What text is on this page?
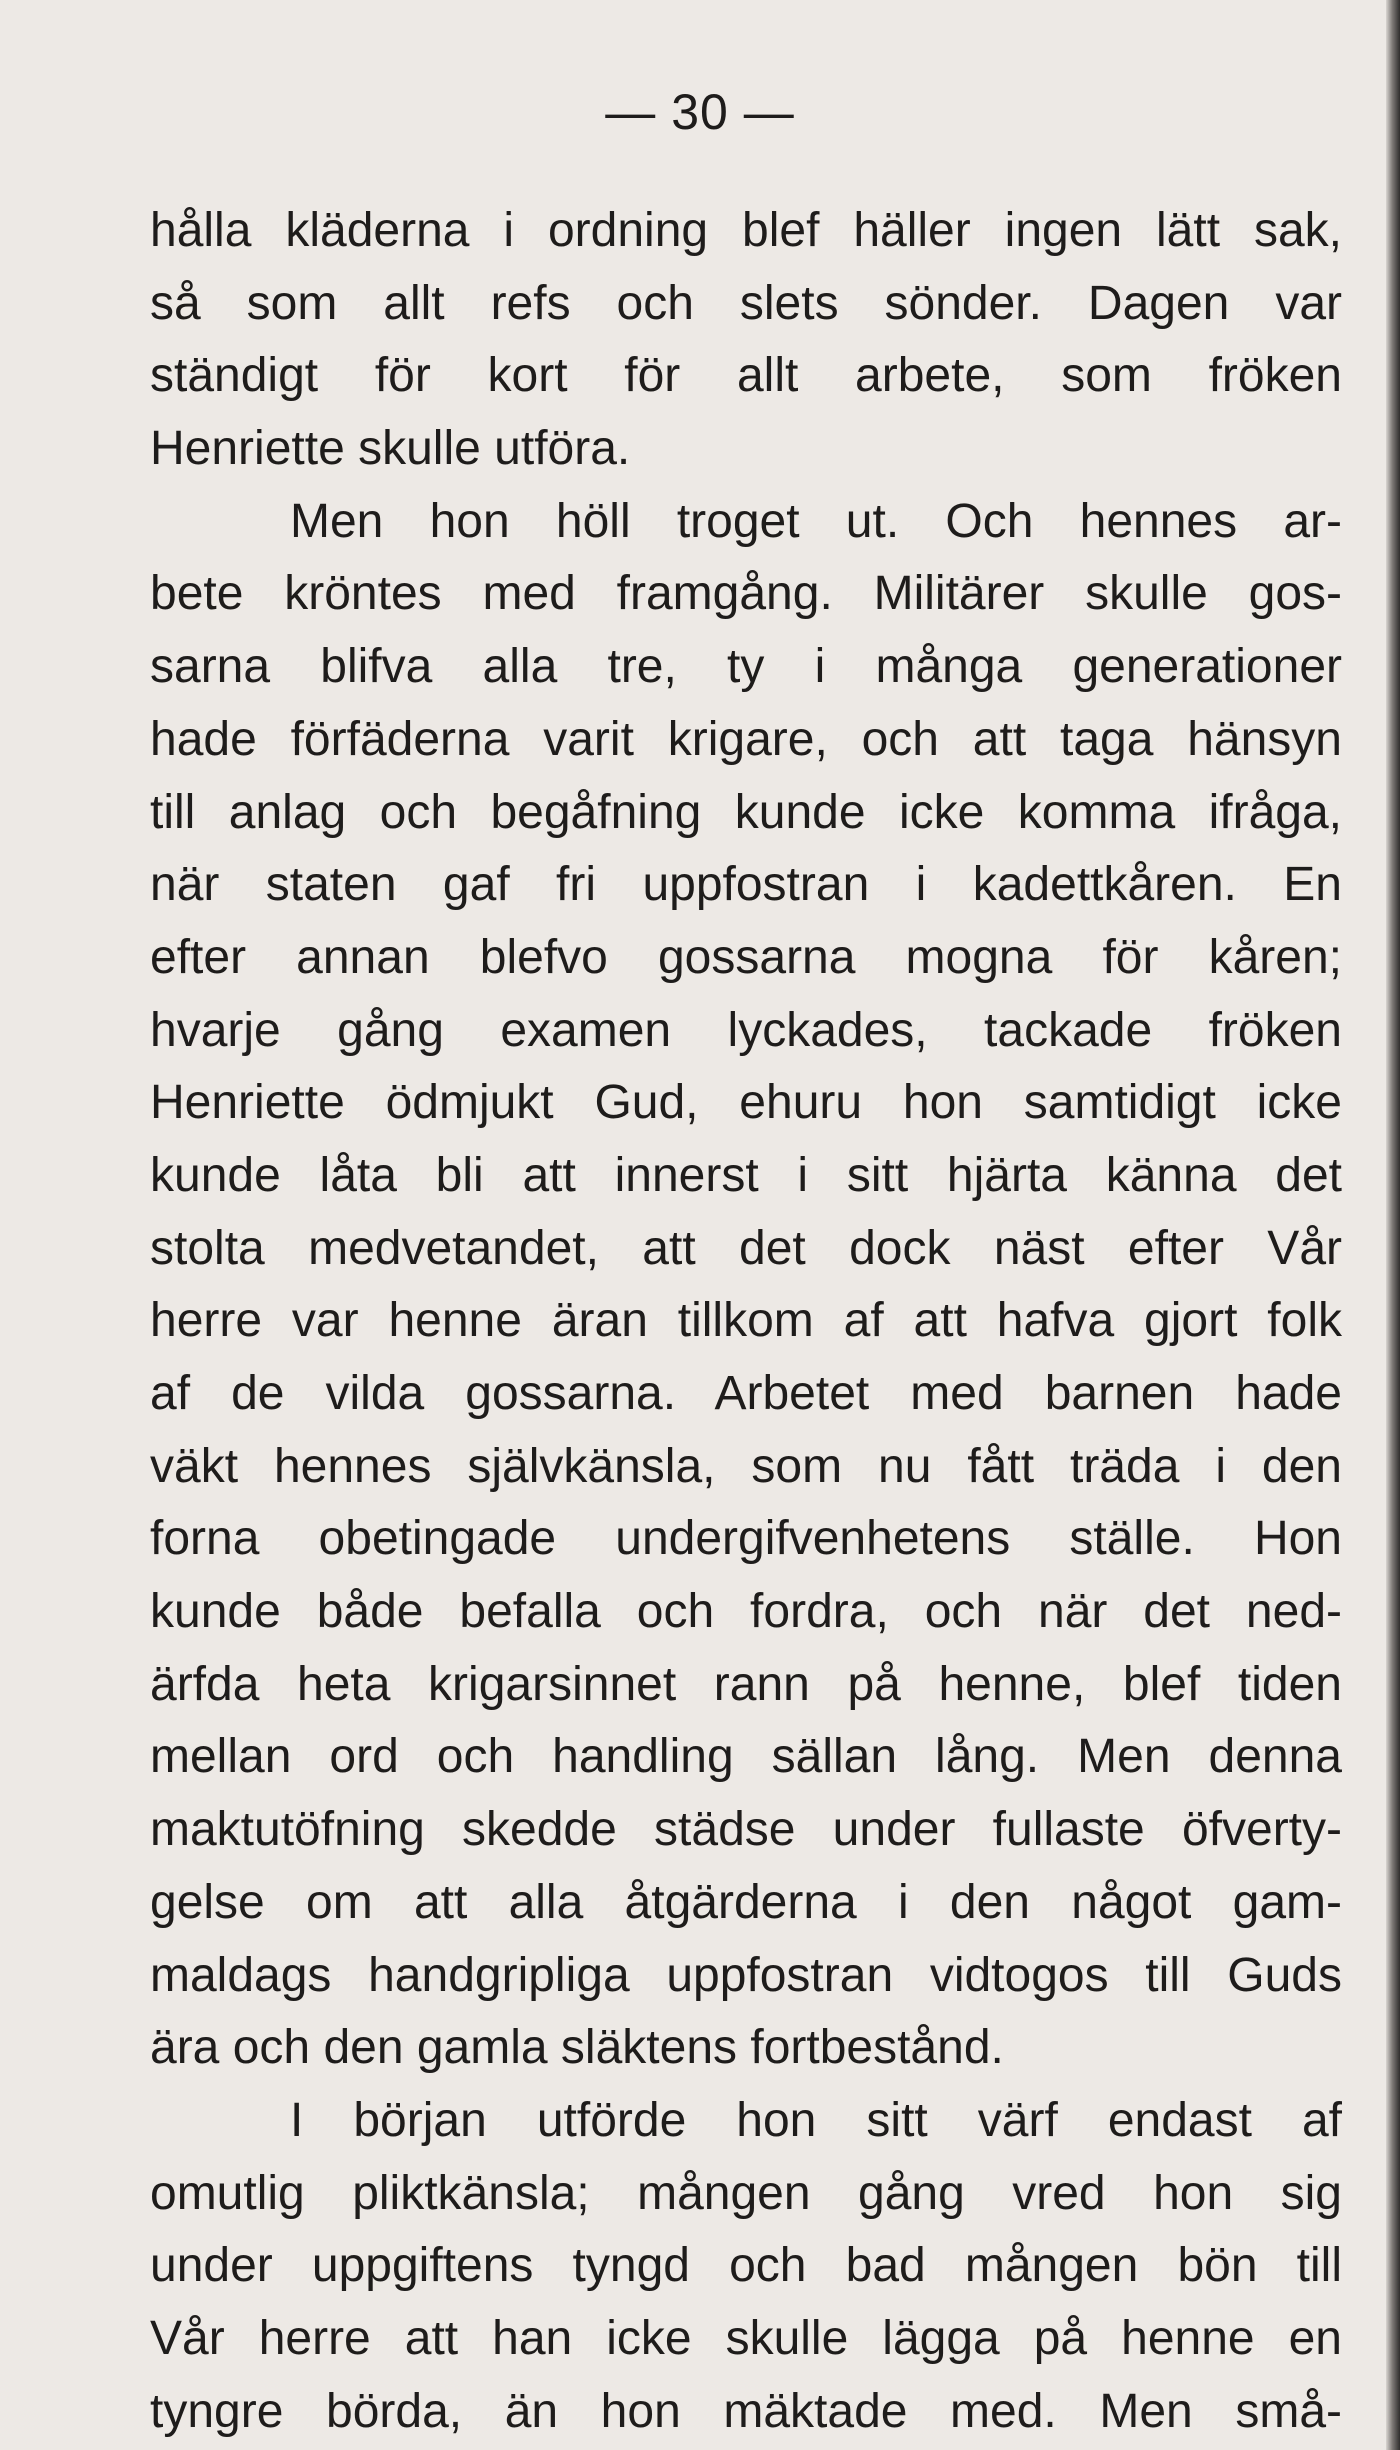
— 30 —
hålla kläderna i ordning blef häller ingen lätt sak,
så som allt refs och slets sönder. Dagen var
ständigt för kort för allt arbete, som fröken
Henriette skulle utföra.
Men hon höll troget ut. Och hennes ar-
bete kröntes med framgång. Militärer skulle gos-
sarna blifva alla tre, ty i många generationer
hade förfäderna varit krigare, och att taga hänsyn
till anlag och begåfning kunde icke komma ifråga,
när staten gaf fri uppfostran i kadettkåren. En
efter annan blefvo gossarna mogna för kåren;
hvarje gång examen lyckades, tackade fröken
Henriette ödmjukt Gud, ehuru hon samtidigt icke
kunde låta bli att innerst i sitt hjärta känna det
stolta medvetandet, att det dock näst efter Vår
herre var henne äran tillkom af att hafva gjort folk
af de vilda gossarna. Arbetet med barnen hade
väkt hennes självkänsla, som nu fått träda i den
forna obetingade undergifvenhetens ställe. Hon
kunde både befalla och fordra, och när det ned-
ärfda heta krigarsinnet rann på henne, blef tiden
mellan ord och handling sällan lång. Men denna
maktutöfning skedde städse under fullaste öfverty-
gelse om att alla åtgärderna i den något gam-
maldags handgripliga uppfostran vidtogos till Guds
ära och den gamla släktens fortbestånd.
I början utförde hon sitt värf endast af
omutlig pliktkänsla; mången gång vred hon sig
under uppgiftens tyngd och bad mången bön till
Vår herre att han icke skulle lägga på henne en
tyngre börda, än hon mäktade med. Men små-
